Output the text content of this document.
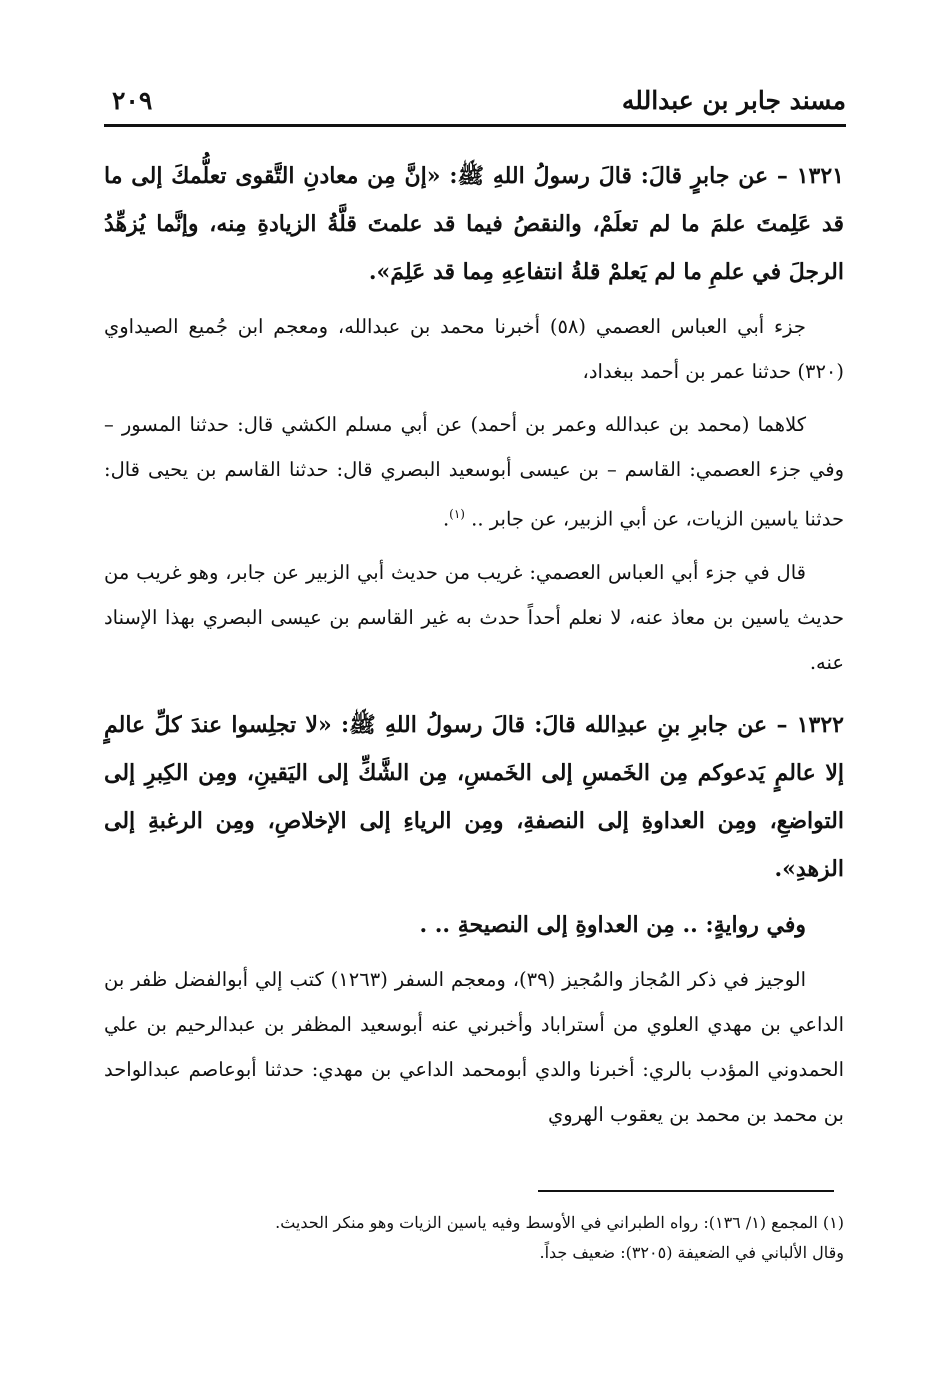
مسند جابر بن عبدالله
٢٠٩

١٣٢١ – عن جابرٍ قالَ: قالَ رسولُ اللهِ ﷺ: «إنَّ مِن معادنِ التَّقوى تعلُّمكَ إلى ما قد عَلِمتَ علمَ ما لم تعلَمْ، والنقصُ فيما قد علمتَ قلَّةُ الزيادةِ مِنه، وإنَّما يُزهِّدُ الرجلَ في علمِ ما لم يَعلمْ قلةُ انتفاعِهِ مِما قد عَلِمَ».

جزء أبي العباس العصمي (٥٨) أخبرنا محمد بن عبدالله، ومعجم ابن جُميع الصيداوي (٣٢٠) حدثنا عمر بن أحمد ببغداد،

كلاهما (محمد بن عبدالله وعمر بن أحمد) عن أبي مسلم الكشي قال: حدثنا المسور – وفي جزء العصمي: القاسم – بن عيسى أبوسعيد البصري قال: حدثنا القاسم بن يحيى قال: حدثنا ياسين الزيات، عن أبي الزبير، عن جابر .. $^{(١)}$.

قال في جزء أبي العباس العصمي: غريب من حديث أبي الزبير عن جابر، وهو غريب من حديث ياسين بن معاذ عنه، لا نعلم أحداً حدث به غير القاسم بن عيسى البصري بهذا الإسناد عنه.

١٣٢٢ – عن جابرِ بنِ عبدِالله قالَ: قالَ رسولُ اللهِ ﷺ: «لا تجلِسوا عندَ كلِّ عالمٍ إلا عالمٍ يَدعوكم مِن الخَمسِ إلى الخَمسِ، مِن الشَّكِّ إلى اليَقينِ، ومِن الكِبرِ إلى التواضعِ، ومِن العداوةِ إلى النصفةِ، ومِن الرياءِ إلى الإخلاصِ، ومِن الرغبةِ إلى الزهدِ».

وفي روايةٍ: .. مِن العداوةِ إلى النصيحةِ .. .

الوجيز في ذكر المُجاز والمُجيز (٣٩)، ومعجم السفر (١٢٦٣) كتب إلي أبوالفضل ظفر بن الداعي بن مهدي العلوي من أستراباد وأخبرني عنه أبوسعيد المظفر بن عبدالرحيم بن علي الحمدوني المؤدب بالري: أخبرنا والدي أبومحمد الداعي بن مهدي: حدثنا أبوعاصم عبدالواحد بن محمد بن محمد بن يعقوب الهروي

(١) المجمع (١/ ١٣٦): رواه الطبراني في الأوسط وفيه ياسين الزيات وهو منكر الحديث.

وقال الألباني في الضعيفة (٣٢٠٥): ضعيف جداً.
